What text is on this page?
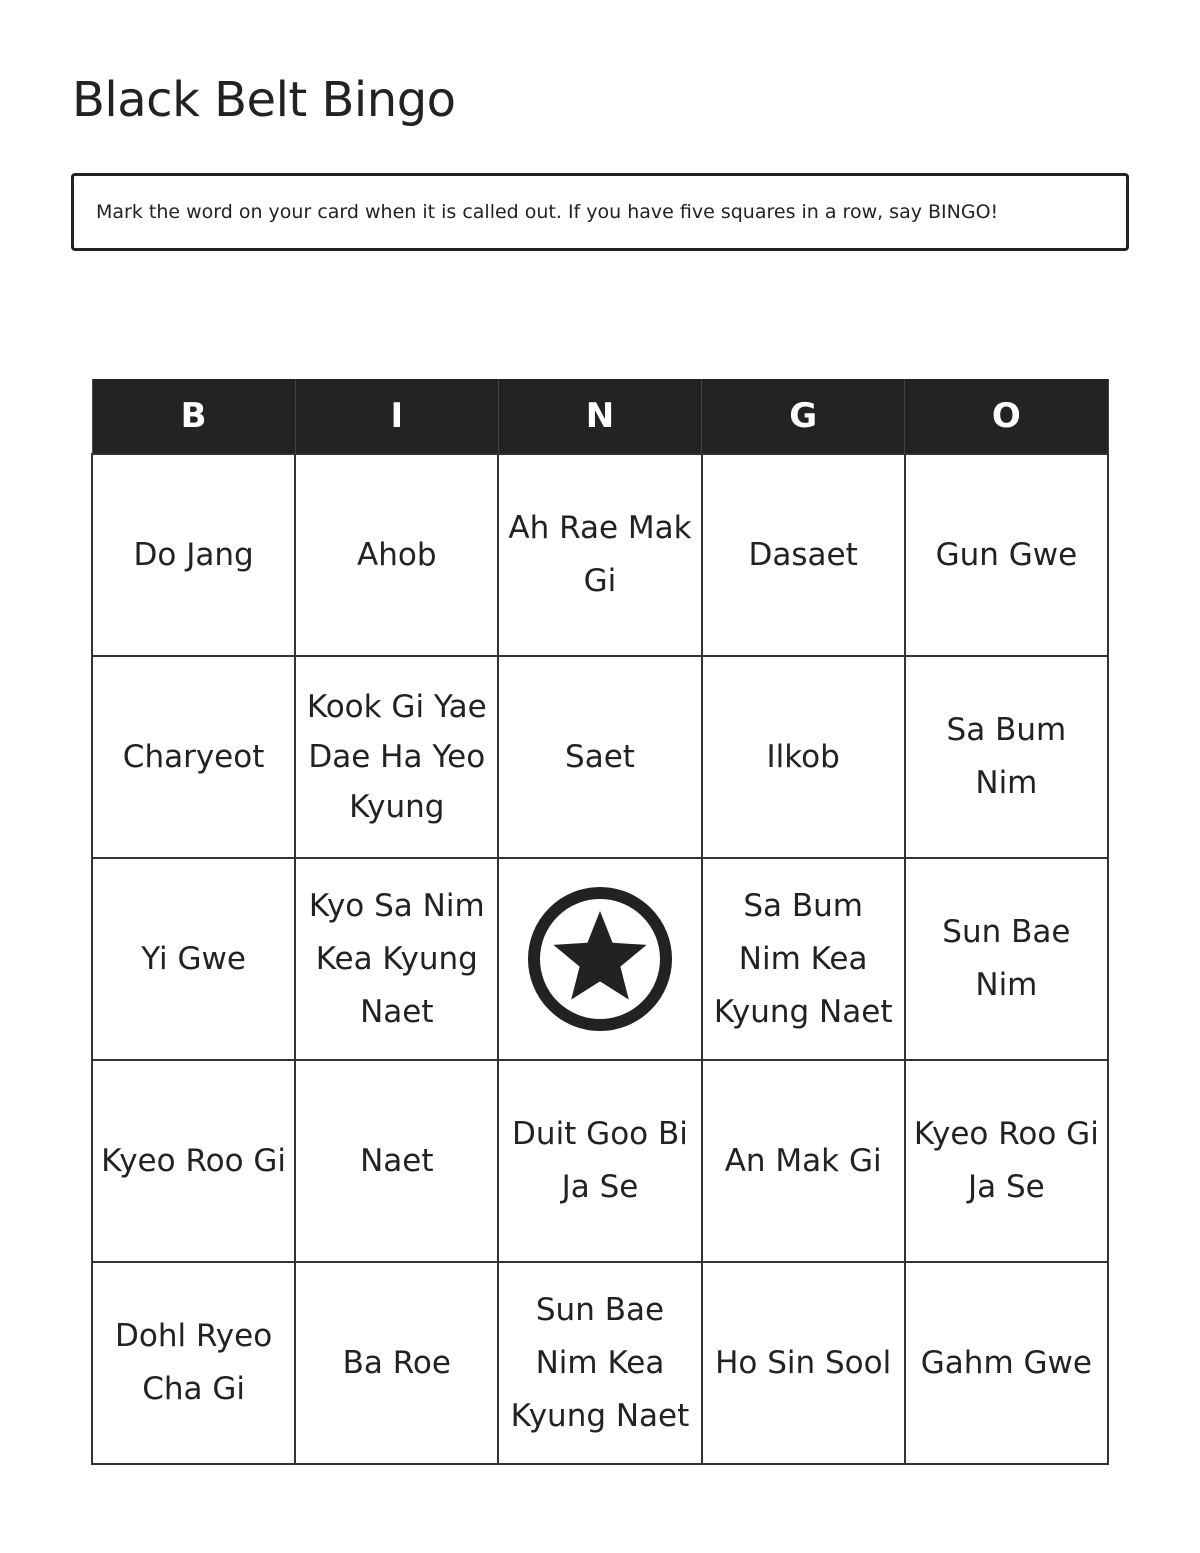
Black Belt Bingo
Mark the word on your card when it is called out. If you have five squares in a row, say BINGO!
B	I	N	G	O
Do Jang	Ahob	Ah Rae Mak Gi	Dasaet	Gun Gwe
Charyeot	Kook Gi Yae Dae Ha Yeo Kyung	Saet	Ilkob	Sa Bum Nim
Yi Gwe	Kyo Sa Nim Kea Kyung Naet		Sa Bum Nim Kea Kyung Naet	Sun Bae Nim
Kyeo Roo Gi	Naet	Duit Goo Bi Ja Se	An Mak Gi	Kyeo Roo Gi Ja Se
Dohl Ryeo Cha Gi	Ba Roe	Sun Bae Nim Kea Kyung Naet	Ho Sin Sool	Gahm Gwe
